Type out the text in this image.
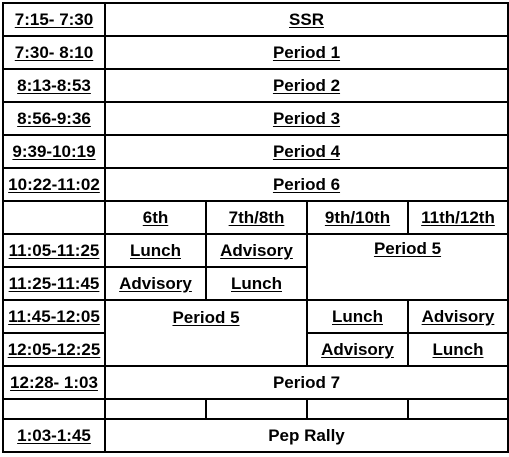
7:15- 7:30	SSR			
7:30- 8:10	Period 1			
8:13-8:53	Period 2			
8:56-9:36	Period 3			
9:39-10:19	Period 4			
10:22-11:02	Period 6			
	6th	7th/8th	9th/10th	11th/12th
11:05-11:25	Lunch	Advisory	Period 5	
11:25-11:45	Advisory	Lunch		
11:45-12:05	Period 5		Lunch	Advisory
12:05-12:25			Advisory	Lunch
12:28- 1:03	Period 7			

1:03-1:45	Pep Rally			
